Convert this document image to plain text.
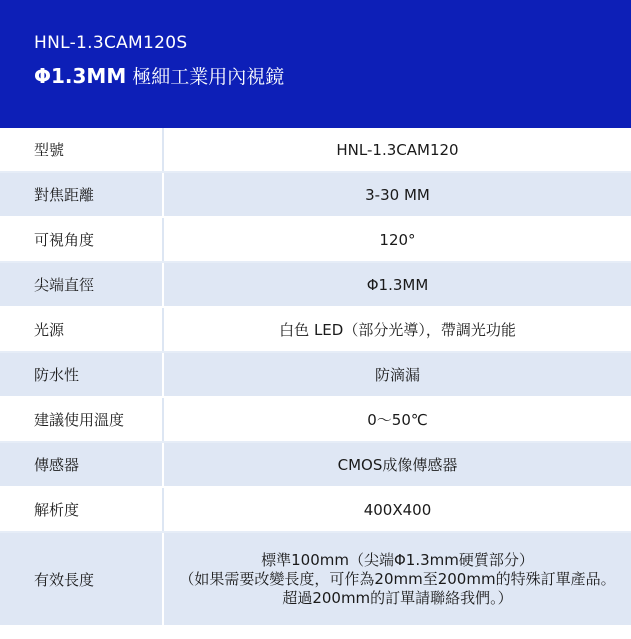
HNL-1.3CAM120S
Φ1.3MM 極細工業用內視鏡
型號	HNL-1.3CAM120
對焦距離	3-30 MM
可視角度	120°
尖端直徑	Φ1.3MM
光源	白色 LED（部分光導），帶調光功能
防水性	防滴漏
建議使用溫度	0～50℃
傳感器	CMOS成像傳感器
解析度	400X400
有效長度	標準100mm（尖端Φ1.3mm硬質部分）
（如果需要改變長度，可作為20mm至200mm的特殊訂單產品。
超過200mm的訂單請聯絡我們。）
